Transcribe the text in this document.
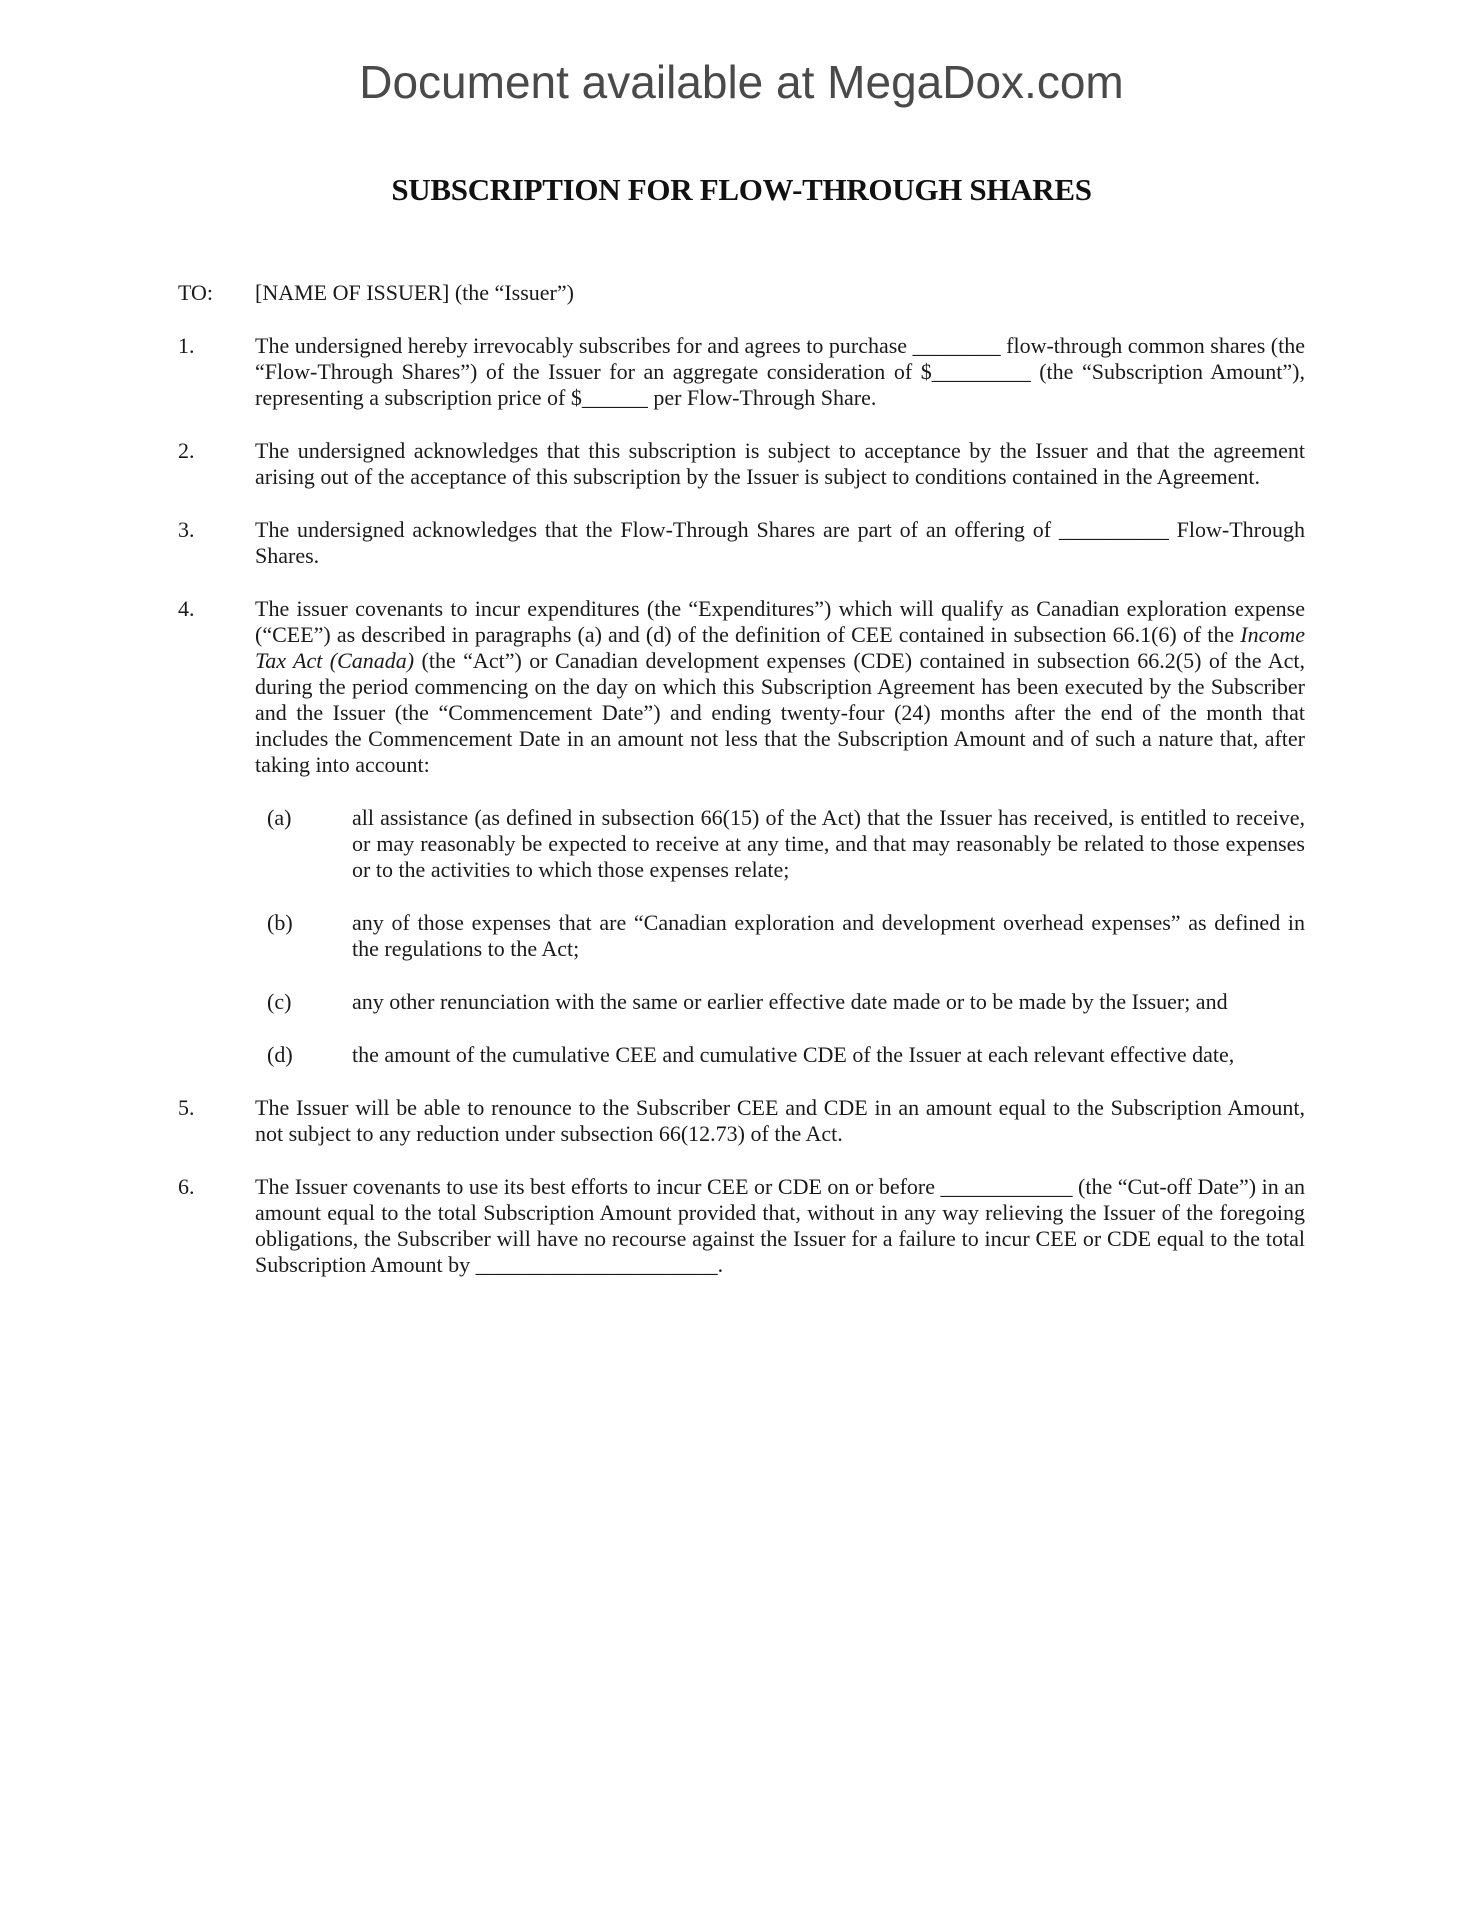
Document available at MegaDox.com
SUBSCRIPTION FOR FLOW-THROUGH SHARES
TO:	[NAME OF ISSUER] (the “Issuer”)
1.	The undersigned hereby irrevocably subscribes for and agrees to purchase ________ flow-through common shares (the “Flow-Through Shares”) of the Issuer for an aggregate consideration of $_________ (the “Subscription Amount”), representing a subscription price of $______ per Flow-Through Share.
2.	The undersigned acknowledges that this subscription is subject to acceptance by the Issuer and that the agreement arising out of the acceptance of this subscription by the Issuer is subject to conditions contained in the Agreement.
3.	The undersigned acknowledges that the Flow-Through Shares are part of an offering of __________ Flow-Through Shares.
4.	The issuer covenants to incur expenditures (the “Expenditures”) which will qualify as Canadian exploration expense (“CEE”) as described in paragraphs (a) and (d) of the definition of CEE contained in subsection 66.1(6) of the Income Tax Act (Canada) (the “Act”) or Canadian development expenses (CDE) contained in subsection 66.2(5) of the Act, during the period commencing on the day on which this Subscription Agreement has been executed by the Subscriber and the Issuer (the “Commencement Date”) and ending twenty-four (24) months after the end of the month that includes the Commencement Date in an amount not less that the Subscription Amount and of such a nature that, after taking into account:
(a)	all assistance (as defined in subsection 66(15) of the Act) that the Issuer has received, is entitled to receive, or may reasonably be expected to receive at any time, and that may reasonably be related to those expenses or to the activities to which those expenses relate;
(b)	any of those expenses that are “Canadian exploration and development overhead expenses” as defined in the regulations to the Act;
(c)	any other renunciation with the same or earlier effective date made or to be made by the Issuer; and
(d)	the amount of the cumulative CEE and cumulative CDE of the Issuer at each relevant effective date,
5.	The Issuer will be able to renounce to the Subscriber CEE and CDE in an amount equal to the Subscription Amount, not subject to any reduction under subsection 66(12.73) of the Act.
6.	The Issuer covenants to use its best efforts to incur CEE or CDE on or before ____________ (the “Cut-off Date”) in an amount equal to the total Subscription Amount provided that, without in any way relieving the Issuer of the foregoing obligations, the Subscriber will have no recourse against the Issuer for a failure to incur CEE or CDE equal to the total Subscription Amount by ______________________.
